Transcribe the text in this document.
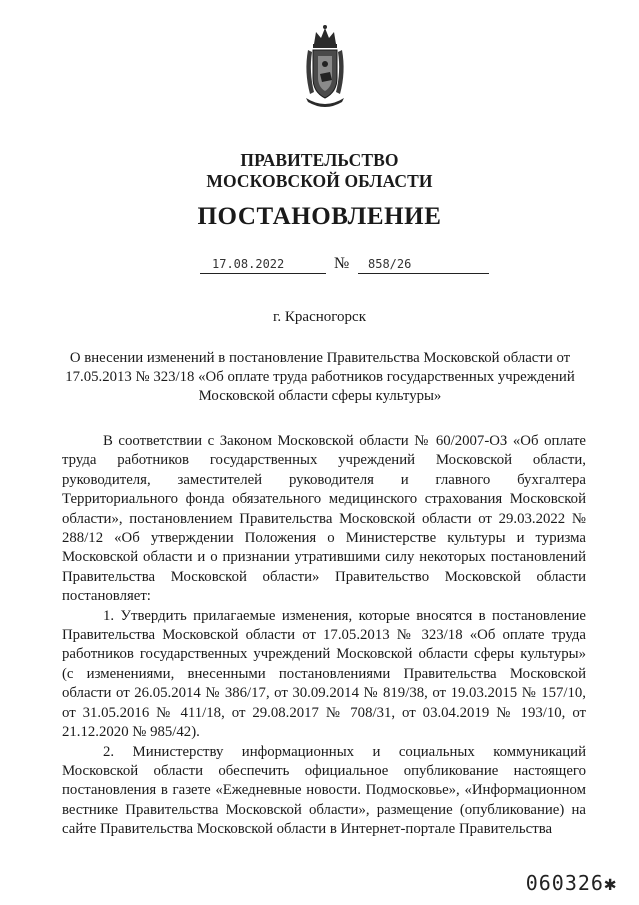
ПРАВИТЕЛЬСТВО
МОСКОВСКОЙ ОБЛАСТИ
ПОСТАНОВЛЕНИЕ
17.08.2022	№ 858/26
г. Красногорск
О внесении изменений в постановление Правительства Московской области от 17.05.2013 № 323/18 «Об оплате труда работников государственных учреждений Московской области сферы культуры»

В соответствии с Законом Московской области № 60/2007-ОЗ «Об оплате труда работников государственных учреждений Московской области, руководителя, заместителей руководителя и главного бухгалтера Территориального фонда обязательного медицинского страхования Московской области», постановлением Правительства Московской области от 29.03.2022 № 288/12 «Об утверждении Положения о Министерстве культуры и туризма Московской области и о признании утратившими силу некоторых постановлений Правительства Московской области» Правительство Московской области постановляет:

1. Утвердить прилагаемые изменения, которые вносятся в постановление Правительства Московской области от 17.05.2013 № 323/18 «Об оплате труда работников государственных учреждений Московской области сферы культуры» (с изменениями, внесенными постановлениями Правительства Московской области от 26.05.2014 № 386/17, от 30.09.2014 № 819/38, от 19.03.2015 № 157/10, от 31.05.2016 № 411/18, от 29.08.2017 № 708/31, от 03.04.2019 № 193/10, от 21.12.2020 № 985/42).

2. Министерству информационных и социальных коммуникаций Московской области обеспечить официальное опубликование настоящего постановления в газете «Ежедневные новости. Подмосковье», «Информационном вестнике Правительства Московской области», размещение (опубликование) на сайте Правительства Московской области в Интернет-портале Правительства

060326✱
